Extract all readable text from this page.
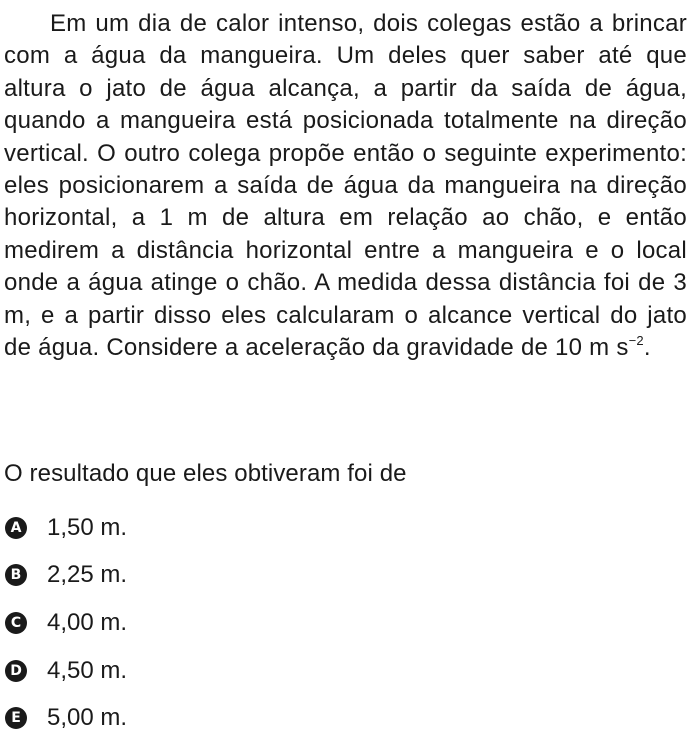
Em um dia de calor intenso, dois colegas estão a brincar com a água da mangueira. Um deles quer saber até que altura o jato de água alcança, a partir da saída de água, quando a mangueira está posicionada totalmente na direção vertical. O outro colega propõe então o seguinte experimento: eles posicionarem a saída de água da mangueira na direção horizontal, a 1 m de altura em relação ao chão, e então medirem a distância horizontal entre a mangueira e o local onde a água atinge o chão. A medida dessa distância foi de 3 m, e a partir disso eles calcularam o alcance vertical do jato de água. Considere a aceleração da gravidade de 10 m $s^{-2}$.

O resultado que eles obtiveram foi de

A 1,50 m.
B 2,25 m.
C 4,00 m.
D 4,50 m.
E 5,00 m.
